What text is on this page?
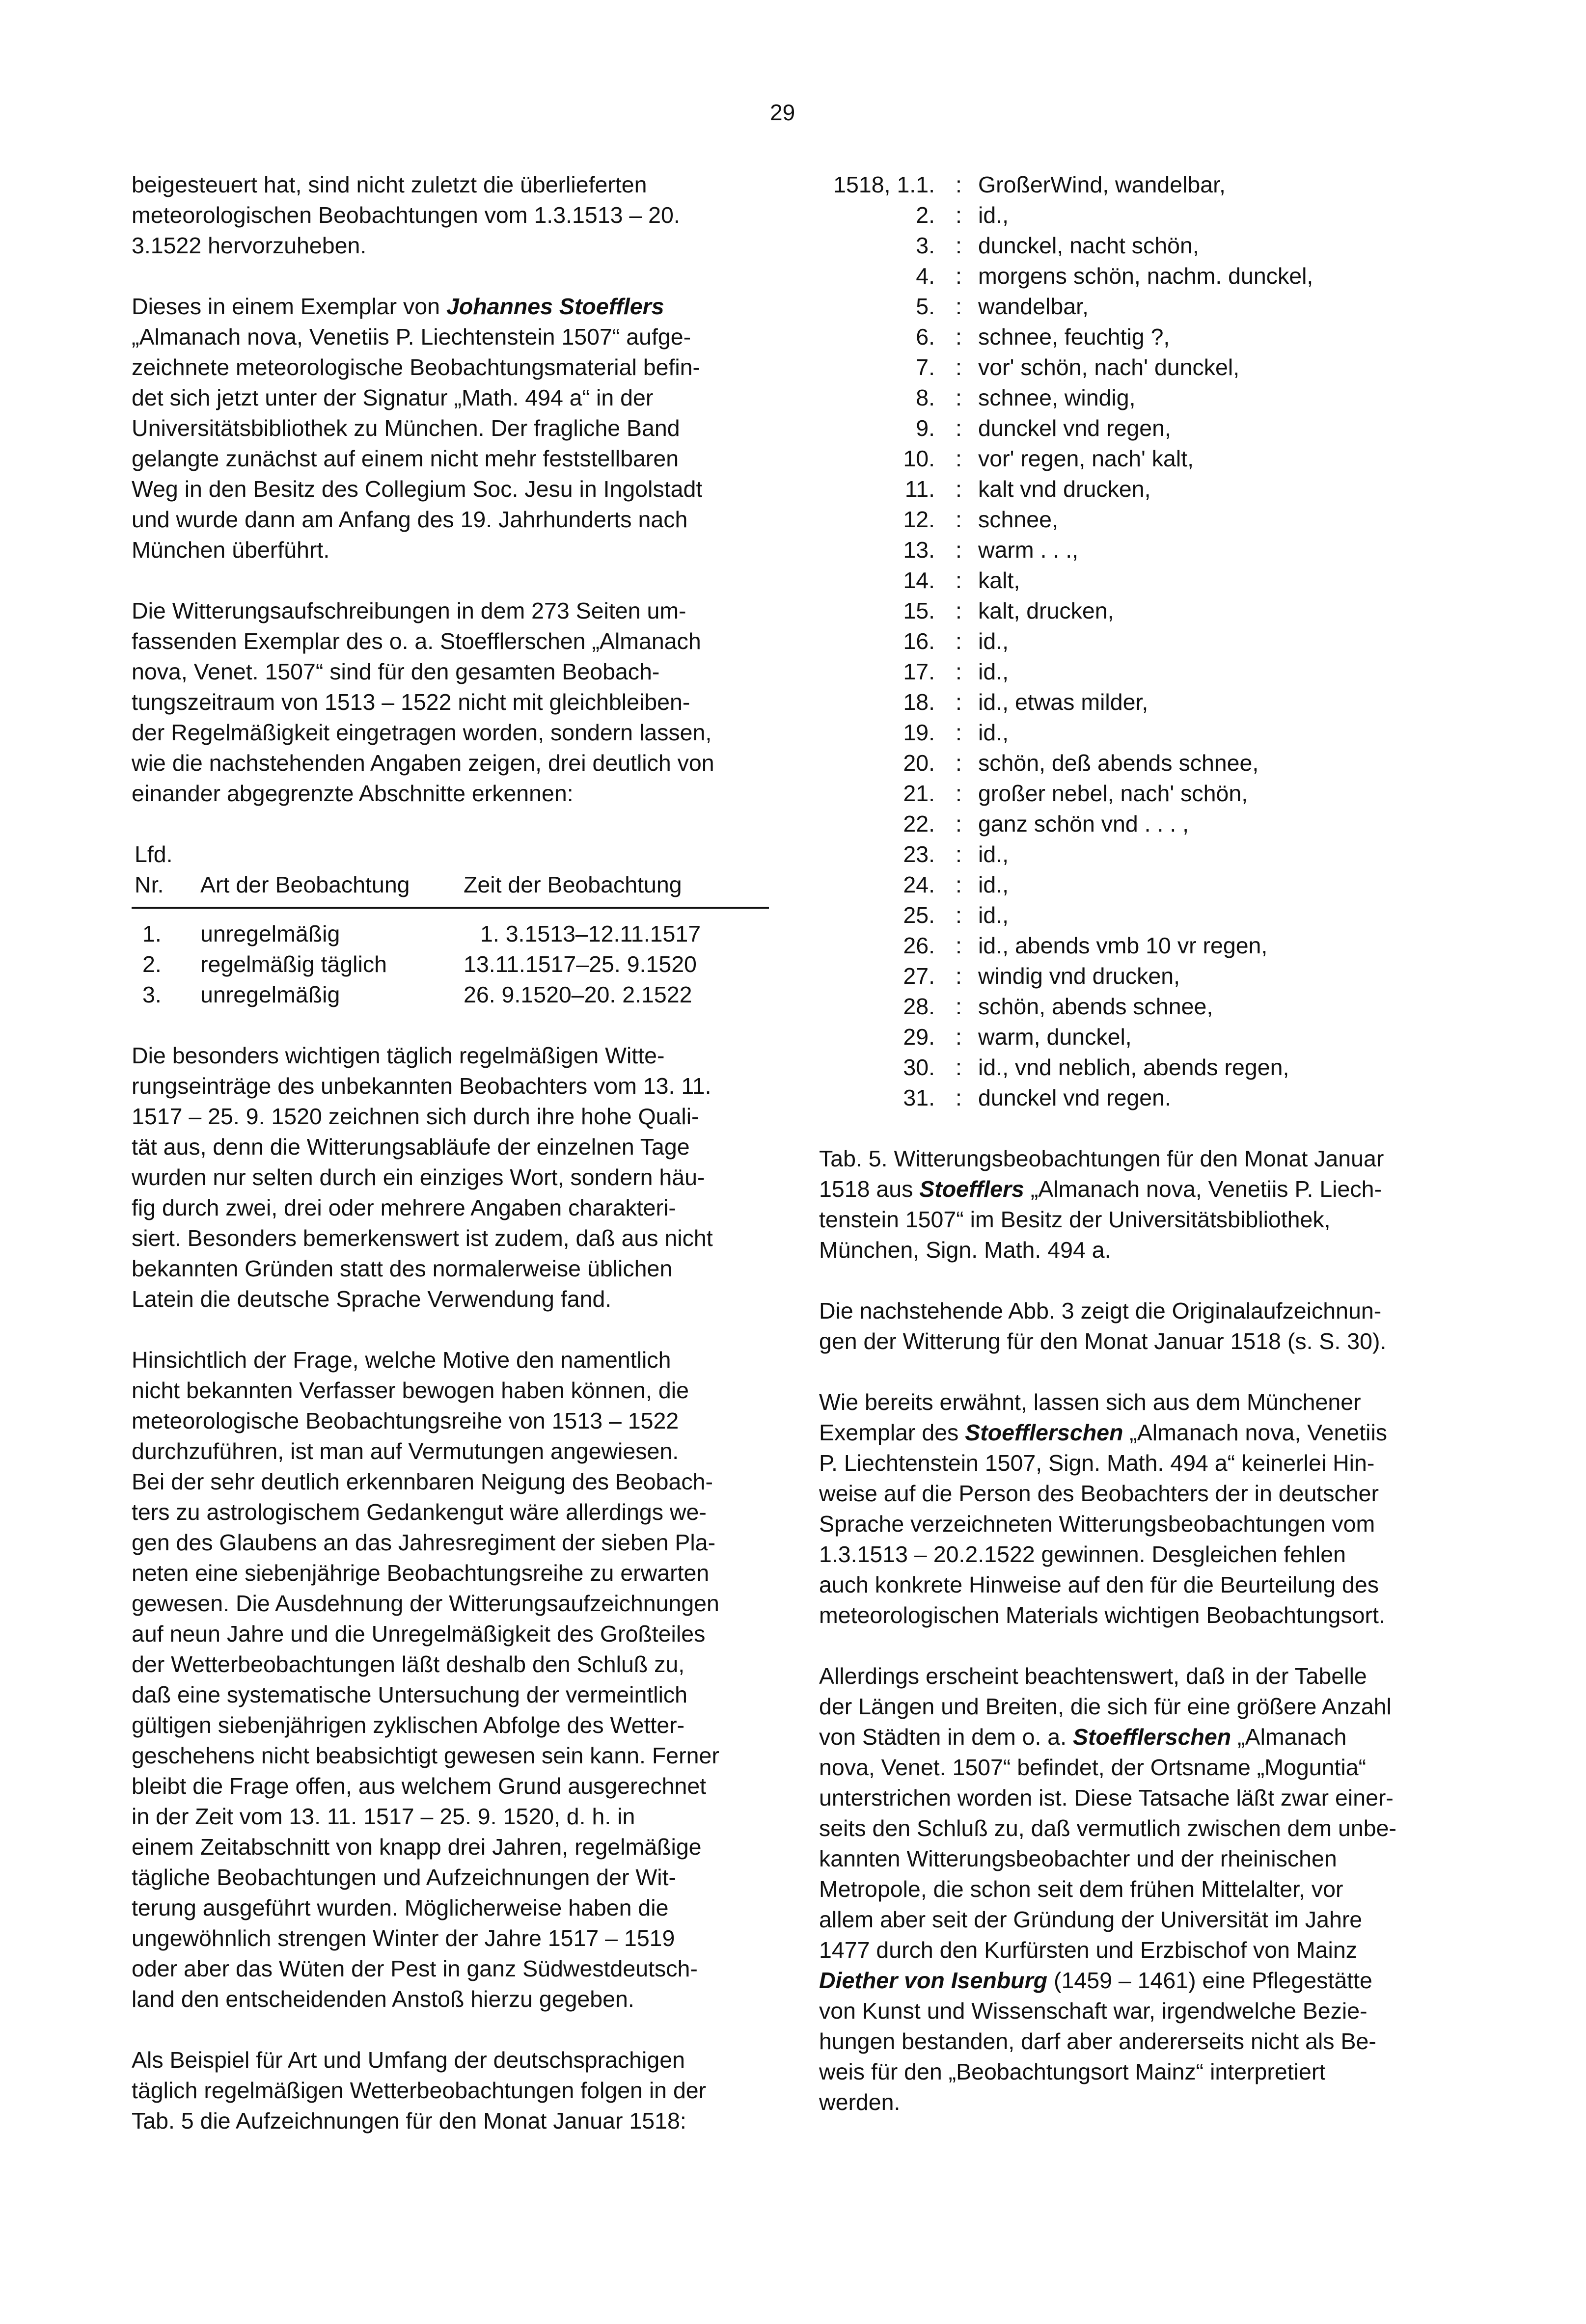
29

beigesteuert hat, sind nicht zuletzt die überlieferten
meteorologischen Beobachtungen vom 1.3.1513 – 20.
3.1522 hervorzuheben.

Dieses in einem Exemplar von Johannes Stoefflers
„Almanach nova, Venetiis P. Liechtenstein 1507“ aufge-
zeichnete meteorologische Beobachtungsmaterial befin-
det sich jetzt unter der Signatur „Math. 494 a“ in der
Universitätsbibliothek zu München. Der fragliche Band
gelangte zunächst auf einem nicht mehr feststellbaren
Weg in den Besitz des Collegium Soc. Jesu in Ingolstadt
und wurde dann am Anfang des 19. Jahrhunderts nach
München überführt.

Die Witterungsaufschreibungen in dem 273 Seiten um-
fassenden Exemplar des o. a. Stoefflerschen „Almanach
nova, Venet. 1507“ sind für den gesamten Beobach-
tungszeitraum von 1513 – 1522 nicht mit gleichbleiben-
der Regelmäßigkeit eingetragen worden, sondern lassen,
wie die nachstehenden Angaben zeigen, drei deutlich von
einander abgegrenzte Abschnitte erkennen:

Lfd.
Nr. Art der Beobachtung Zeit der Beobachtung
1. unregelmäßig	1. 3.1513–12.11.1517
2. regelmäßig täglich	13.11.1517–25. 9.1520
3. unregelmäßig	26. 9.1520–20. 2.1522

Die besonders wichtigen täglich regelmäßigen Witte-
rungseinträge des unbekannten Beobachters vom 13. 11.
1517 – 25. 9. 1520 zeichnen sich durch ihre hohe Quali-
tät aus, denn die Witterungsabläufe der einzelnen Tage
wurden nur selten durch ein einziges Wort, sondern häu-
fig durch zwei, drei oder mehrere Angaben charakteri-
siert. Besonders bemerkenswert ist zudem, daß aus nicht
bekannten Gründen statt des normalerweise üblichen
Latein die deutsche Sprache Verwendung fand.

Hinsichtlich der Frage, welche Motive den namentlich
nicht bekannten Verfasser bewogen haben können, die
meteorologische Beobachtungsreihe von 1513 – 1522
durchzuführen, ist man auf Vermutungen angewiesen.
Bei der sehr deutlich erkennbaren Neigung des Beobach-
ters zu astrologischem Gedankengut wäre allerdings we-
gen des Glaubens an das Jahresregiment der sieben Pla-
neten eine siebenjährige Beobachtungsreihe zu erwarten
gewesen. Die Ausdehnung der Witterungsaufzeichnungen
auf neun Jahre und die Unregelmäßigkeit des Großteiles
der Wetterbeobachtungen läßt deshalb den Schluß zu,
daß eine systematische Untersuchung der vermeintlich
gültigen siebenjährigen zyklischen Abfolge des Wetter-
geschehens nicht beabsichtigt gewesen sein kann. Ferner
bleibt die Frage offen, aus welchem Grund ausgerechnet
in der Zeit vom 13. 11. 1517 – 25. 9. 1520, d. h. in
einem Zeitabschnitt von knapp drei Jahren, regelmäßige
tägliche Beobachtungen und Aufzeichnungen der Wit-
terung ausgeführt wurden. Möglicherweise haben die
ungewöhnlich strengen Winter der Jahre 1517 – 1519
oder aber das Wüten der Pest in ganz Südwestdeutsch-
land den entscheidenden Anstoß hierzu gegeben.

Als Beispiel für Art und Umfang der deutschsprachigen
täglich regelmäßigen Wetterbeobachtungen folgen in der
Tab. 5 die Aufzeichnungen für den Monat Januar 1518:

1518, 1.1. : GroßerWind, wandelbar,
2. : id.,
3. : dunckel, nacht schön,
4. : morgens schön, nachm. dunckel,
5. : wandelbar,
6. : schnee, feuchtig ?,
7. : vor' schön, nach' dunckel,
8. : schnee, windig,
9. : dunckel vnd regen,
10. : vor' regen, nach' kalt,
11. : kalt vnd drucken,
12. : schnee,
13. : warm . . .,
14. : kalt,
15. : kalt, drucken,
16. : id.,
17. : id.,
18. : id., etwas milder,
19. : id.,
20. : schön, deß abends schnee,
21. : großer nebel, nach' schön,
22. : ganz schön vnd . . . ,
23. : id.,
24. : id.,
25. : id.,
26. : id., abends vmb 10 vr regen,
27. : windig vnd drucken,
28. : schön, abends schnee,
29. : warm, dunckel,
30. : id., vnd neblich, abends regen,
31. : dunckel vnd regen.

Tab. 5. Witterungsbeobachtungen für den Monat Januar
1518 aus Stoefflers „Almanach nova, Venetiis P. Liech-
tenstein 1507“ im Besitz der Universitätsbibliothek,
München, Sign. Math. 494 a.

Die nachstehende Abb. 3 zeigt die Originalaufzeichnun-
gen der Witterung für den Monat Januar 1518 (s. S. 30).

Wie bereits erwähnt, lassen sich aus dem Münchener
Exemplar des Stoefflerschen „Almanach nova, Venetiis
P. Liechtenstein 1507, Sign. Math. 494 a“ keinerlei Hin-
weise auf die Person des Beobachters der in deutscher
Sprache verzeichneten Witterungsbeobachtungen vom
1.3.1513 – 20.2.1522 gewinnen. Desgleichen fehlen
auch konkrete Hinweise auf den für die Beurteilung des
meteorologischen Materials wichtigen Beobachtungsort.

Allerdings erscheint beachtenswert, daß in der Tabelle
der Längen und Breiten, die sich für eine größere Anzahl
von Städten in dem o. a. Stoefflerschen „Almanach
nova, Venet. 1507“ befindet, der Ortsname „Moguntia“
unterstrichen worden ist. Diese Tatsache läßt zwar einer-
seits den Schluß zu, daß vermutlich zwischen dem unbe-
kannten Witterungsbeobachter und der rheinischen
Metropole, die schon seit dem frühen Mittelalter, vor
allem aber seit der Gründung der Universität im Jahre
1477 durch den Kurfürsten und Erzbischof von Mainz
Diether von Isenburg (1459 – 1461) eine Pflegestätte
von Kunst und Wissenschaft war, irgendwelche Bezie-
hungen bestanden, darf aber andererseits nicht als Be-
weis für den „Beobachtungsort Mainz“ interpretiert
werden.
